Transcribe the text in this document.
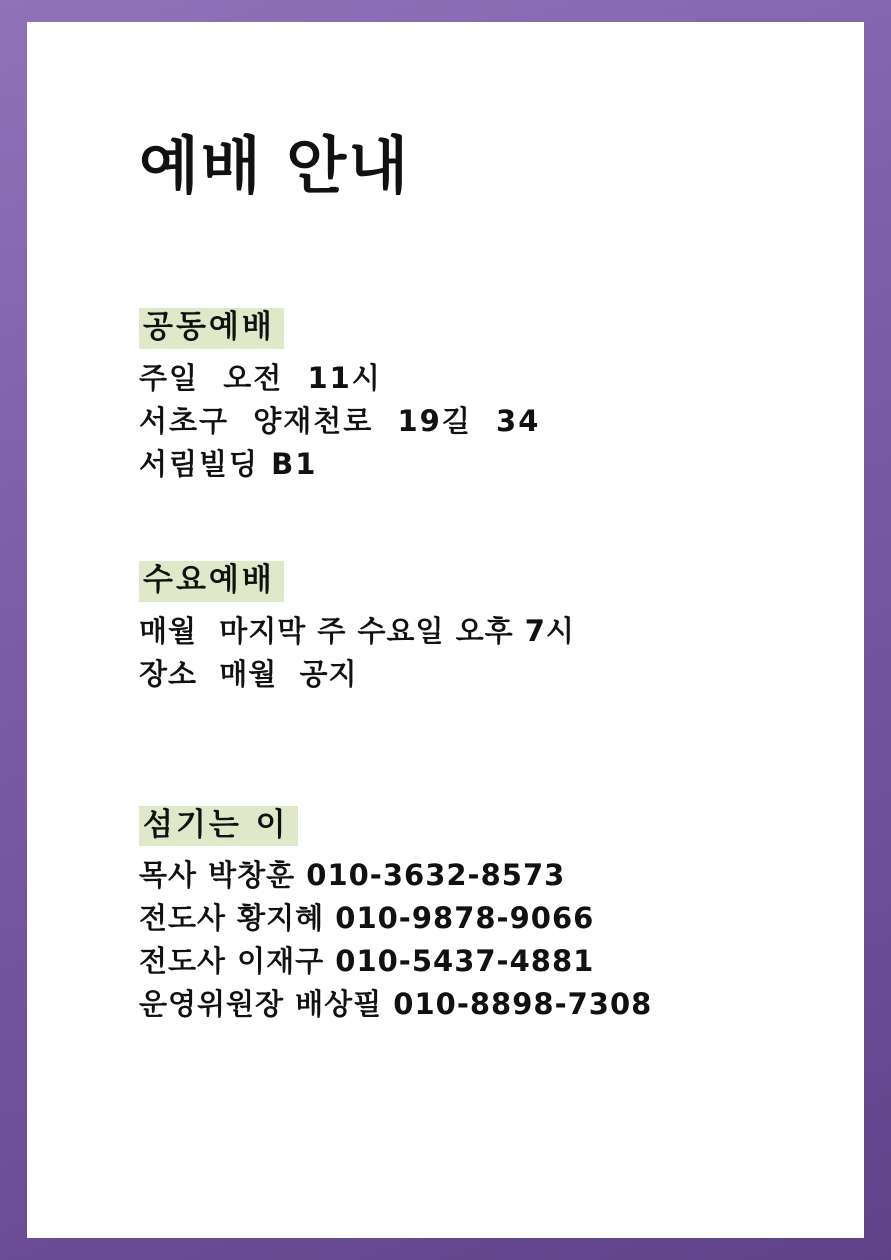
예배 안내
공동예배
주일  오전  11시
서초구  양재천로  19길  34
서림빌딩 B1
수요예배
매월  마지막 주 수요일 오후 7시
장소  매월  공지
섬기는 이
목사 박창훈 010-3632-8573
전도사 황지혜 010-9878-9066
전도사 이재구 010-5437-4881
운영위원장 배상필 010-8898-7308
